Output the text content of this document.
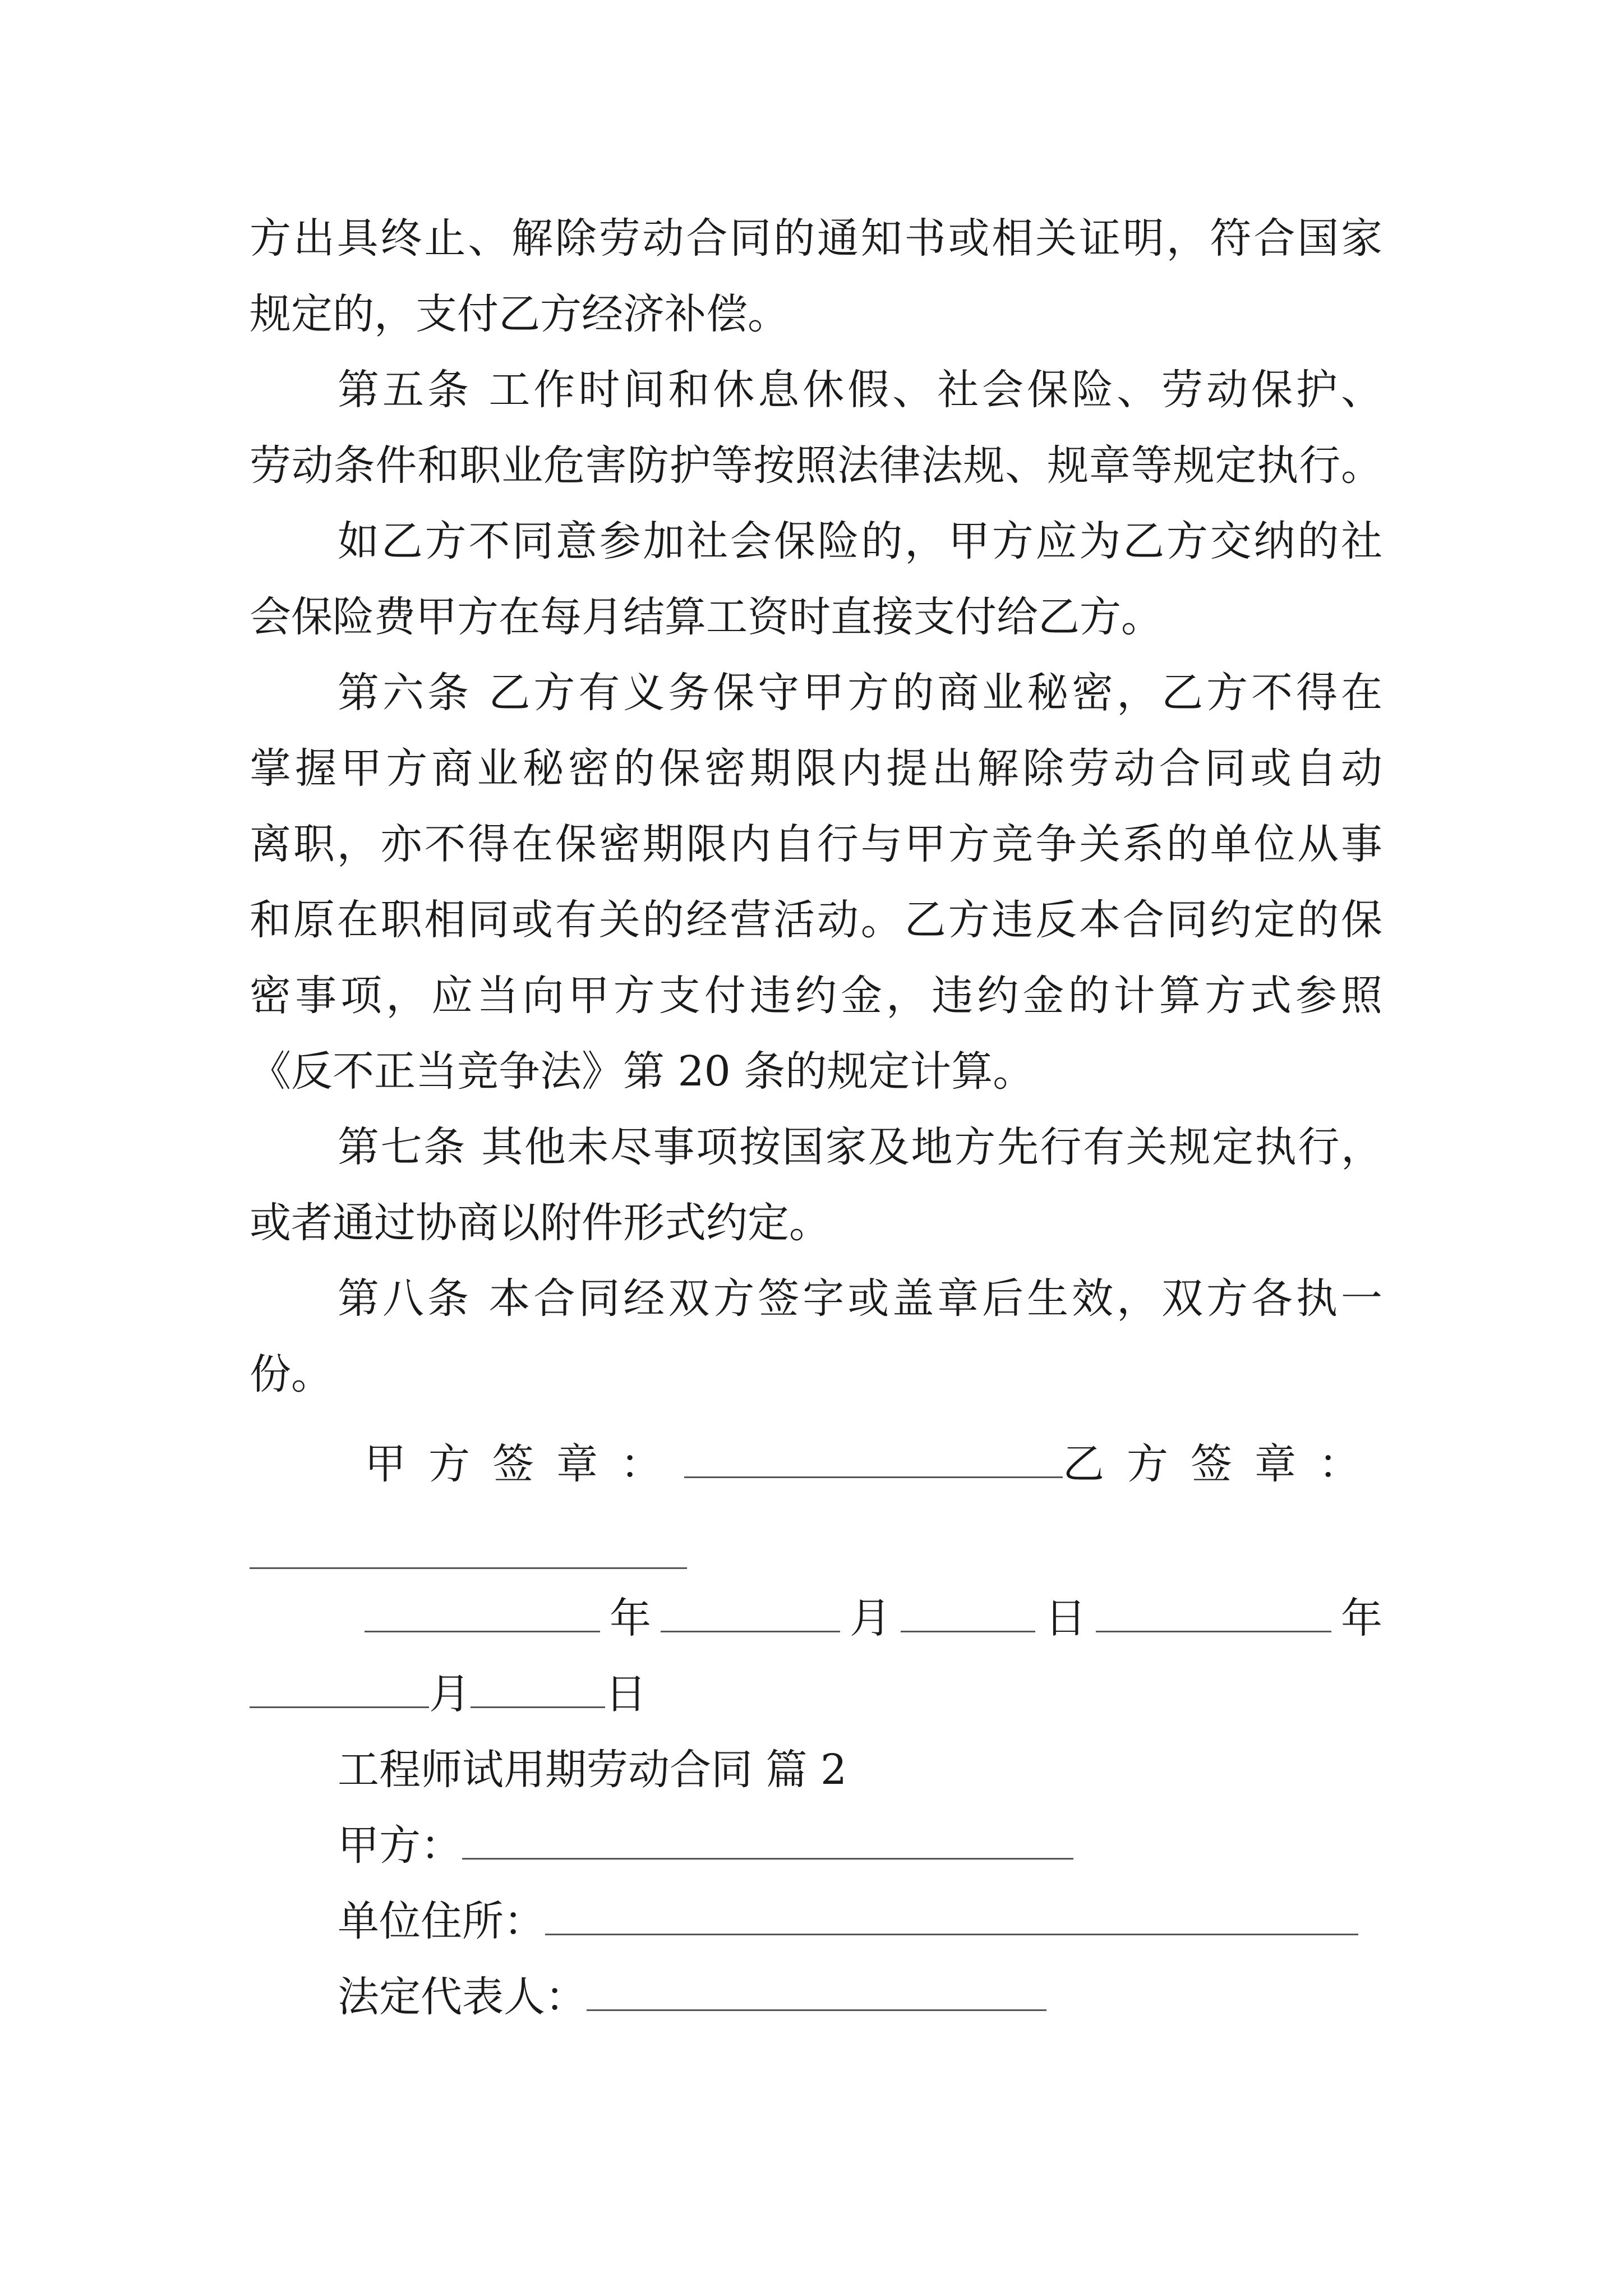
方出具终止、解除劳动合同的通知书或相关证明，符合国家

规定的，支付乙方经济补偿。

第五条 工作时间和休息休假、社会保险、劳动保护、

劳动条件和职业危害防护等按照法律法规、规章等规定执行。

如乙方不同意参加社会保险的，甲方应为乙方交纳的社

会保险费甲方在每月结算工资时直接支付给乙方。

第六条 乙方有义务保守甲方的商业秘密，乙方不得在

掌握甲方商业秘密的保密期限内提出解除劳动合同或自动

离职，亦不得在保密期限内自行与甲方竞争关系的单位从事

和原在职相同或有关的经营活动。乙方违反本合同约定的保

密事项，应当向甲方支付违约金，违约金的计算方式参照

《反不正当竞争法》第 20 条的规定计算。

第七条 其他未尽事项按国家及地方先行有关规定执行，

或者通过协商以附件形式约定。

第八条 本合同经双方签字或盖章后生效，双方各执一

份。

甲方签章：	乙方签章：
年	月	日	年
月	日

工程师试用期劳动合同 篇 2

甲方：
单位住所：
法定代表人：
